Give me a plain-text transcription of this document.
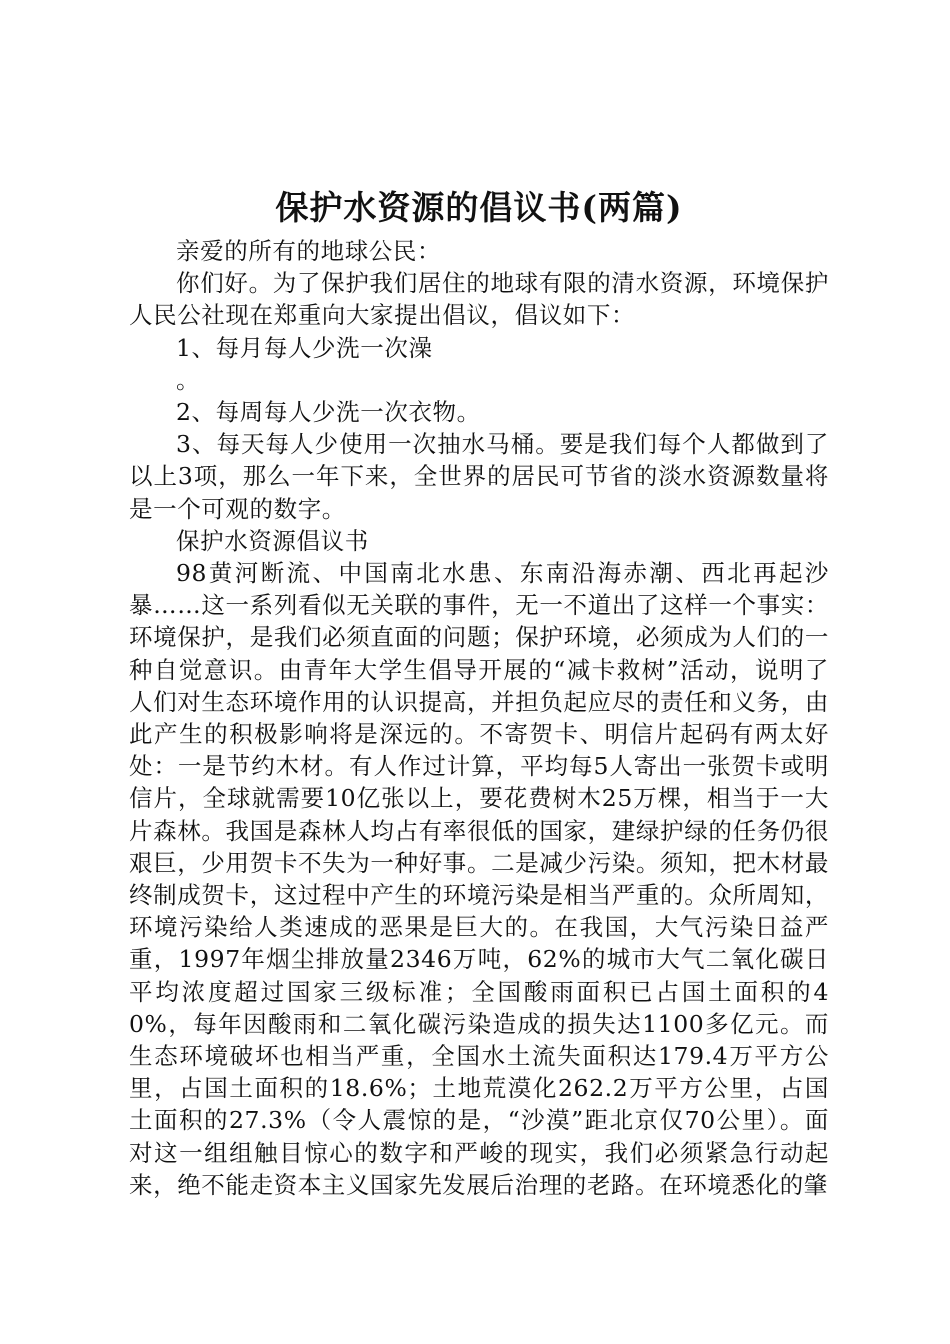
保护水资源的倡议书(两篇)

亲爱的所有的地球公民：

你们好。为了保护我们居住的地球有限的清水资源，环境保护人民公社现在郑重向大家提出倡议，倡议如下：

1、每月每人少洗一次澡

。

2、每周每人少洗一次衣物。

3、每天每人少使用一次抽水马桶。要是我们每个人都做到了以上3项，那么一年下来，全世界的居民可节省的淡水资源数量将是一个可观的数字。

保护水资源倡议书

98黄河断流、中国南北水患、东南沿海赤潮、西北再起沙暴……这一系列看似无关联的事件，无一不道出了这样一个事实：环境保护，是我们必须直面的问题；保护环境，必须成为人们的一种自觉意识。由青年大学生倡导开展的“减卡救树”活动，说明了人们对生态环境作用的认识提高，并担负起应尽的责任和义务，由此产生的积极影响将是深远的。不寄贺卡、明信片起码有两太好处：一是节约木材。有人作过计算，平均每5人寄出一张贺卡或明信片，全球就需要10亿张以上，要花费树木25万棵，相当于一大片森林。我国是森林人均占有率很低的国家，建绿护绿的任务仍很艰巨，少用贺卡不失为一种好事。二是减少污染。须知，把木材最终制成贺卡，这过程中产生的环境污染是相当严重的。众所周知，环境污染给人类速成的恶果是巨大的。在我国，大气污染日益严重，1997年烟尘排放量2346万吨，62%的城市大气二氧化碳日平均浓度超过国家三级标准；全国酸雨面积已占国土面积的40%，每年因酸雨和二氧化碳污染造成的损失达1100多亿元。而生态环境破坏也相当严重，全国水土流失面积达179.4万平方公里，占国土面积的18.6%；土地荒漠化262.2万平方公里，占国土面积的27.3%（令人震惊的是，“沙漠”距北京仅70公里）。面对这一组组触目惊心的数字和严峻的现实，我们必须紧急行动起来，绝不能走资本主义国家先发展后治理的老路。在环境悉化的肇
